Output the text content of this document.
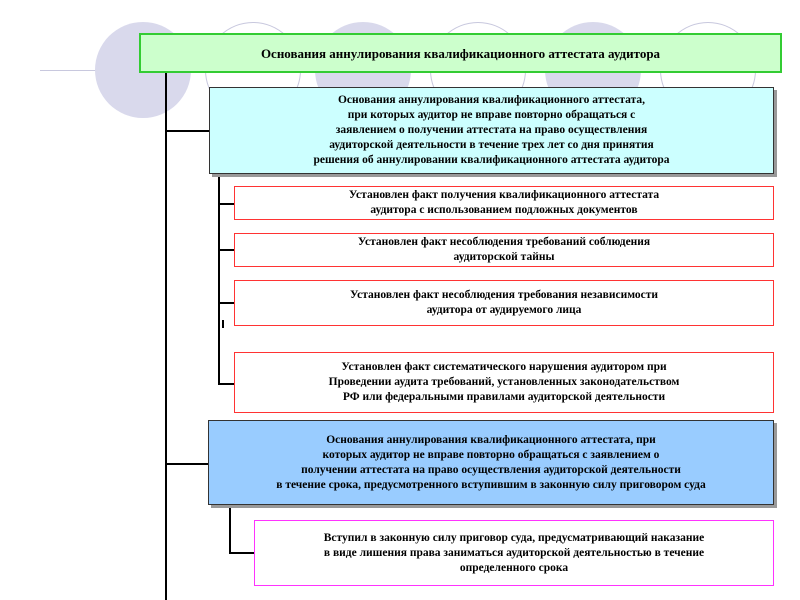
Основания аннулирования квалификационного аттестата аудитора
Основания аннулирования квалификационного аттестата,
при которых аудитор не вправе повторно обращаться с
заявлением о получении аттестата на право осуществления
аудиторской деятельности в течение трех лет со дня принятия
решения об аннулировании квалификационного аттестата аудитора
Установлен факт получения квалификационного аттестата
аудитора с использованием подложных документов
Установлен факт несоблюдения требований соблюдения
аудиторской тайны
Установлен факт несоблюдения требования независимости
аудитора от аудируемого лица
Установлен факт систематического нарушения аудитором при
Проведении аудита требований, установленных законодательством
РФ или федеральными правилами аудиторской деятельности
Основания аннулирования квалификационного аттестата, при
которых аудитор не вправе повторно обращаться с заявлением о
получении аттестата на право осуществления аудиторской деятельности
в течение срока, предусмотренного вступившим в законную силу приговором суда
Вступил в законную силу приговор суда, предусматривающий наказание
в виде лишения права заниматься аудиторской деятельностью в течение
определенного срока
